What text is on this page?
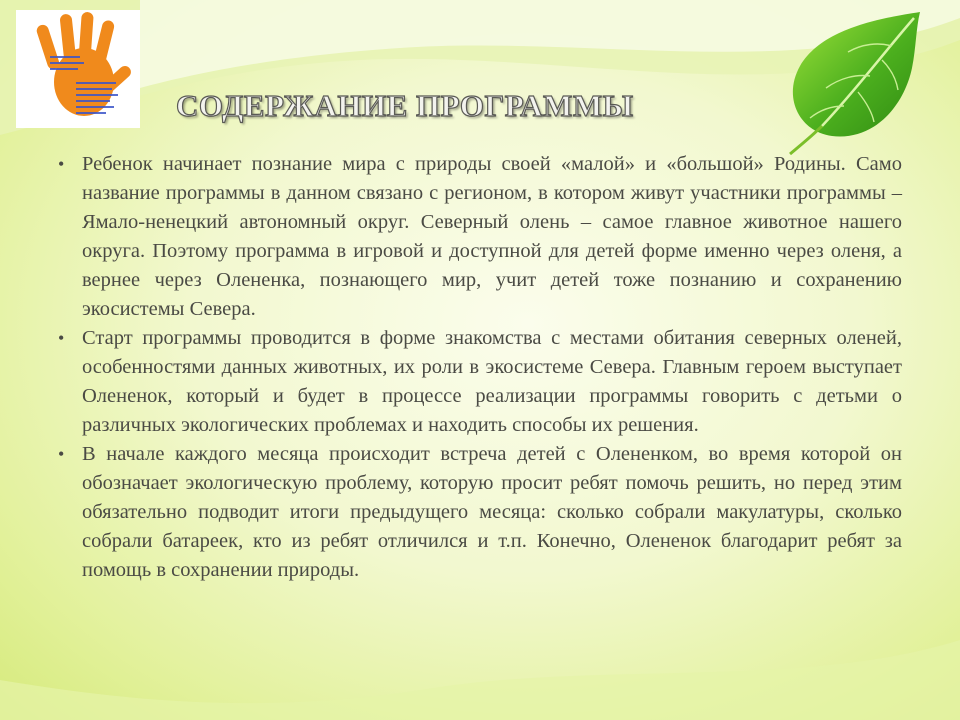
СОДЕРЖАНИЕ ПРОГРАММЫ
• Ребенок начинает познание мира с природы своей «малой» и «большой» Родины. Само название программы в данном связано с регионом, в котором живут участники программы – Ямало-ненецкий автономный округ. Северный олень – самое главное животное нашего округа. Поэтому программа в игровой и доступной для детей форме именно через оленя, а вернее через Олененка, познающего мир, учит детей тоже познанию и сохранению экосистемы Севера.
• Старт программы проводится в форме знакомства с местами обитания северных оленей, особенностями данных животных, их роли в экосистеме Севера. Главным героем выступает Олененок, который и будет в процессе реализации программы говорить с детьми о различных экологических проблемах и находить способы их решения.
• В начале каждого месяца происходит встреча детей с Олененком, во время которой он обозначает экологическую проблему, которую просит ребят помочь решить, но перед этим обязательно подводит итоги предыдущего месяца: сколько собрали макулатуры, сколько собрали батареек, кто из ребят отличился и т.п. Конечно, Олененок благодарит ребят за помощь в сохранении природы.
